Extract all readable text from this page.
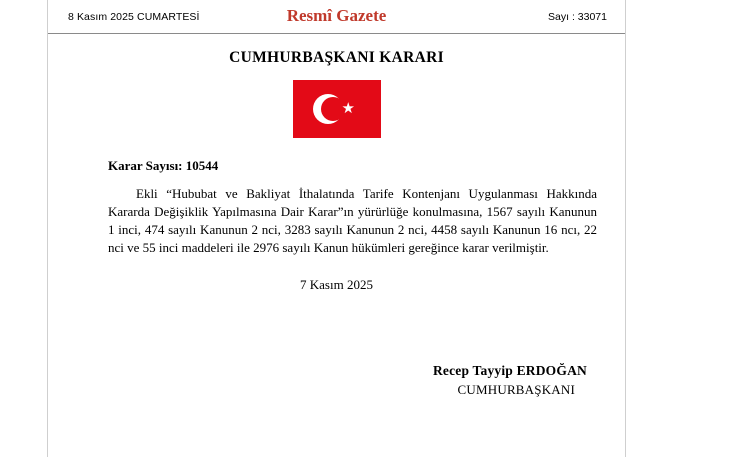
8 Kasım 2025 CUMARTESİ	Resmî Gazete	Sayı : 33071
CUMHURBAŞKANI KARARI
Karar Sayısı: 10544
Ekli “Hububat ve Bakliyat İthalatında Tarife Kontenjanı Uygulanması Hakkında Kararda Değişiklik Yapılmasına Dair Karar”ın yürürlüğe konulmasına, 1567 sayılı Kanunun 1 inci, 474 sayılı Kanunun 2 nci, 3283 sayılı Kanunun 2 nci, 4458 sayılı Kanunun 16 ncı, 22 nci ve 55 inci maddeleri ile 2976 sayılı Kanun hükümleri gereğince karar verilmiştir.
7 Kasım 2025
Recep Tayyip ERDOĞAN
CUMHURBAŞKANI
